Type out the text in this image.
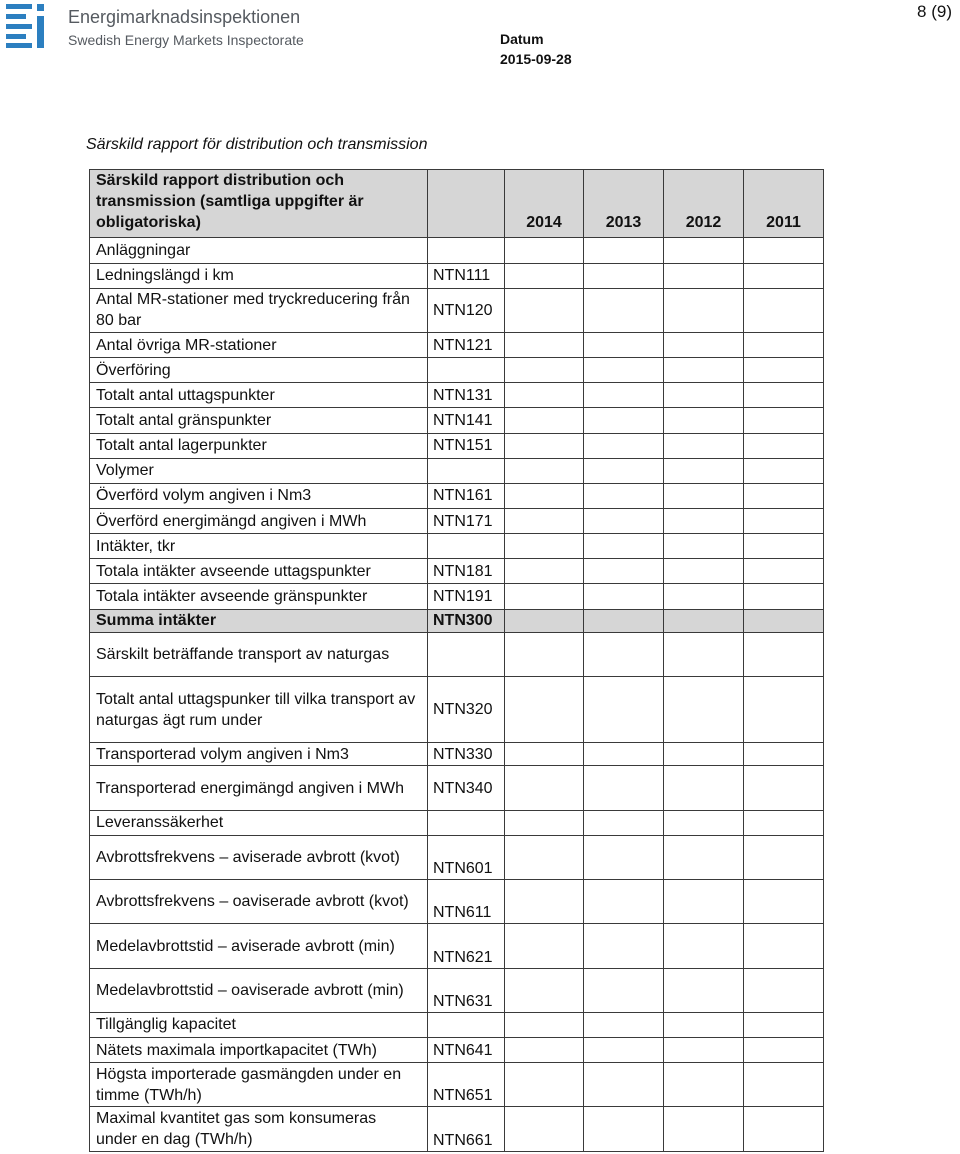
Energimarknadsinspektionen
Swedish Energy Markets Inspectorate	Datum
2015-09-28
8 (9)
Särskild rapport för distribution och transmission
Särskild rapport distribution och transmission (samtliga uppgifter är obligatoriska)		2014	2013	2012	2011
Anläggningar					
Ledningslängd i km	NTN111				
Antal MR-stationer med tryckreducering från 80 bar	NTN120				
Antal övriga MR-stationer	NTN121				
Överföring					
Totalt antal uttagspunkter	NTN131				
Totalt antal gränspunkter	NTN141				
Totalt antal lagerpunkter	NTN151				
Volymer					
Överförd volym angiven i Nm3	NTN161				
Överförd energimängd angiven i MWh	NTN171				
Intäkter, tkr					
Totala intäkter avseende uttagspunkter	NTN181				
Totala intäkter avseende gränspunkter	NTN191				
Summa intäkter	NTN300				
Särskilt beträffande transport av naturgas					
Totalt antal uttagspunker till vilka transport av naturgas ägt rum under	NTN320				
Transporterad volym angiven i Nm3	NTN330				
Transporterad energimängd angiven i MWh	NTN340				
Leveranssäkerhet					
Avbrottsfrekvens – aviserade avbrott (kvot)	NTN601				
Avbrottsfrekvens – oaviserade avbrott (kvot)	NTN611				
Medelavbrottstid – aviserade avbrott (min)	NTN621				
Medelavbrottstid – oaviserade avbrott (min)	NTN631				
Tillgänglig kapacitet					
Nätets maximala importkapacitet (TWh)	NTN641				
Högsta importerade gasmängden under en timme (TWh/h)	NTN651				
Maximal kvantitet gas som konsumeras under en dag (TWh/h)	NTN661				
